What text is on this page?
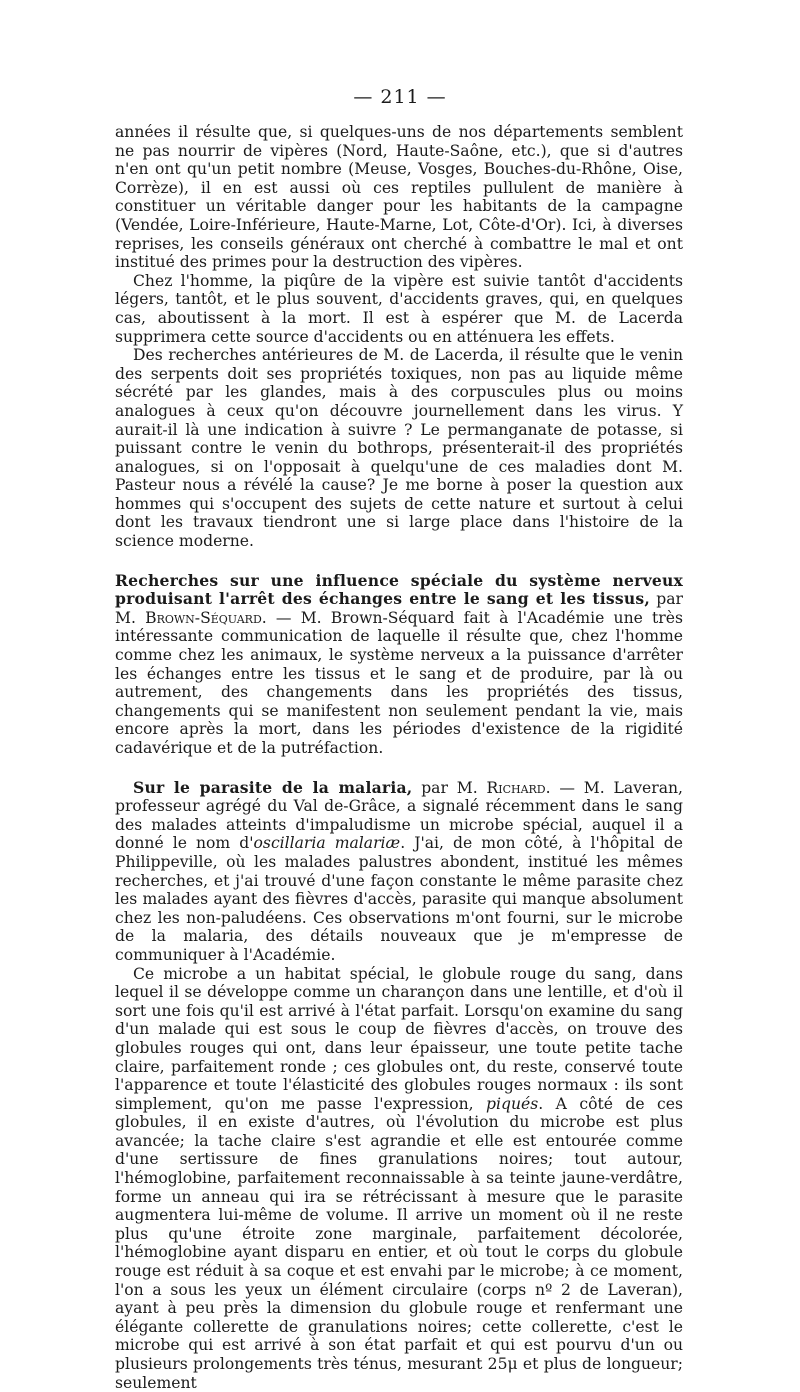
— 211 —

années il résulte que, si quelques-uns de nos départements semblent ne pas nourrir de vipères (Nord, Haute-Saône, etc.), que si d'autres n'en ont qu'un petit nombre (Meuse, Vosges, Bouches-du-Rhône, Oise, Corrèze), il en est aussi où ces reptiles pullulent de manière à constituer un véritable danger pour les habitants de la campagne (Vendée, Loire-Inférieure, Haute-Marne, Lot, Côte-d'Or). Ici, à diverses reprises, les conseils généraux ont cherché à combattre le mal et ont institué des primes pour la destruction des vipères.

Chez l'homme, la piqûre de la vipère est suivie tantôt d'accidents légers, tantôt, et le plus souvent, d'accidents graves, qui, en quelques cas, aboutissent à la mort. Il est à espérer que M. de Lacerda supprimera cette source d'accidents ou en atténuera les effets.

Des recherches antérieures de M. de Lacerda, il résulte que le venin des serpents doit ses propriétés toxiques, non pas au liquide même sécrété par les glandes, mais à des corpuscules plus ou moins analogues à ceux qu'on découvre journellement dans les virus. Y aurait-il là une indication à suivre ? Le permanganate de potasse, si puissant contre le venin du bothrops, présenterait-il des propriétés analogues, si on l'opposait à quelqu'une de ces maladies dont M. Pasteur nous a révélé la cause? Je me borne à poser la question aux hommes qui s'occupent des sujets de cette nature et surtout à celui dont les travaux tiendront une si large place dans l'histoire de la science moderne.

Recherches sur une influence spéciale du système nerveux produisant l'arrêt des échanges entre le sang et les tissus, par M. Brown-Séquard. — M. Brown-Séquard fait à l'Académie une très intéressante communication de laquelle il résulte que, chez l'homme comme chez les animaux, le système nerveux a la puissance d'arrêter les échanges entre les tissus et le sang et de produire, par là ou autrement, des changements dans les propriétés des tissus, changements qui se manifestent non seulement pendant la vie, mais encore après la mort, dans les périodes d'existence de la rigidité cadavérique et de la putréfaction.

Sur le parasite de la malaria, par M. Richard. — M. Laveran, professeur agrégé du Val de-Grâce, a signalé récemment dans le sang des malades atteints d'impaludisme un microbe spécial, auquel il a donné le nom d'oscillaria malariæ. J'ai, de mon côté, à l'hôpital de Philippeville, où les malades palustres abondent, institué les mêmes recherches, et j'ai trouvé d'une façon constante le même parasite chez les malades ayant des fièvres d'accès, parasite qui manque absolument chez les non-paludéens. Ces observations m'ont fourni, sur le microbe de la malaria, des détails nouveaux que je m'empresse de communiquer à l'Académie.

Ce microbe a un habitat spécial, le globule rouge du sang, dans lequel il se développe comme un charançon dans une lentille, et d'où il sort une fois qu'il est arrivé à l'état parfait. Lorsqu'on examine du sang d'un malade qui est sous le coup de fièvres d'accès, on trouve des globules rouges qui ont, dans leur épaisseur, une toute petite tache claire, parfaitement ronde ; ces globules ont, du reste, conservé toute l'apparence et toute l'élasticité des globules rouges normaux : ils sont simplement, qu'on me passe l'expression, piqués. A côté de ces globules, il en existe d'autres, où l'évolution du microbe est plus avancée; la tache claire s'est agrandie et elle est entourée comme d'une sertissure de fines granulations noires; tout autour, l'hémoglobine, parfaitement reconnaissable à sa teinte jaune-verdâtre, forme un anneau qui ira se rétrécissant à mesure que le parasite augmentera lui-même de volume. Il arrive un moment où il ne reste plus qu'une étroite zone marginale, parfaitement décolorée, l'hémoglobine ayant disparu en entier, et où tout le corps du globule rouge est réduit à sa coque et est envahi par le microbe; à ce moment, l'on a sous les yeux un élément circulaire (corps nº 2 de Laveran), ayant à peu près la dimension du globule rouge et renfermant une élégante collerette de granulations noires; cette collerette, c'est le microbe qui est arrivé à son état parfait et qui est pourvu d'un ou plusieurs prolongements très ténus, mesurant 25μ et plus de longueur; seulement
